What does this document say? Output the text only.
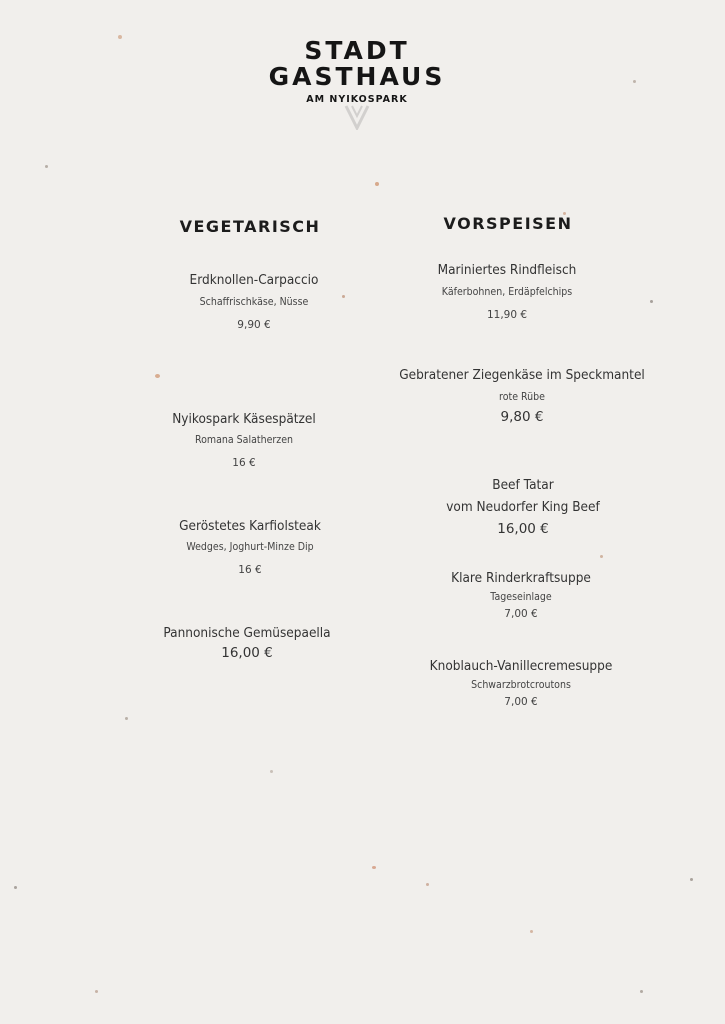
STADT
GASTHAUS
AM NYIKOSPARK
VEGETARISCH	VORSPEISEN
Erdknollen-Carpaccio
Schaffrischkäse, Nüsse
9,90 €
Nyikospark Käsespätzel
Romana Salatherzen
16 €
Geröstetes Karfiolsteak
Wedges, Joghurt-Minze Dip
16 €
Pannonische Gemüsepaella
16,00 €
Mariniertes Rindfleisch
Käferbohnen, Erdäpfelchips
11,90 €
Gebratener Ziegenkäse im Speckmantel
rote Rübe
9,80 €
Beef Tatar
vom Neudorfer King Beef
16,00 €
Klare Rinderkraftsuppe
Tageseinlage
7,00 €
Knoblauch-Vanillecremesuppe
Schwarzbrotcroutons
7,00 €
